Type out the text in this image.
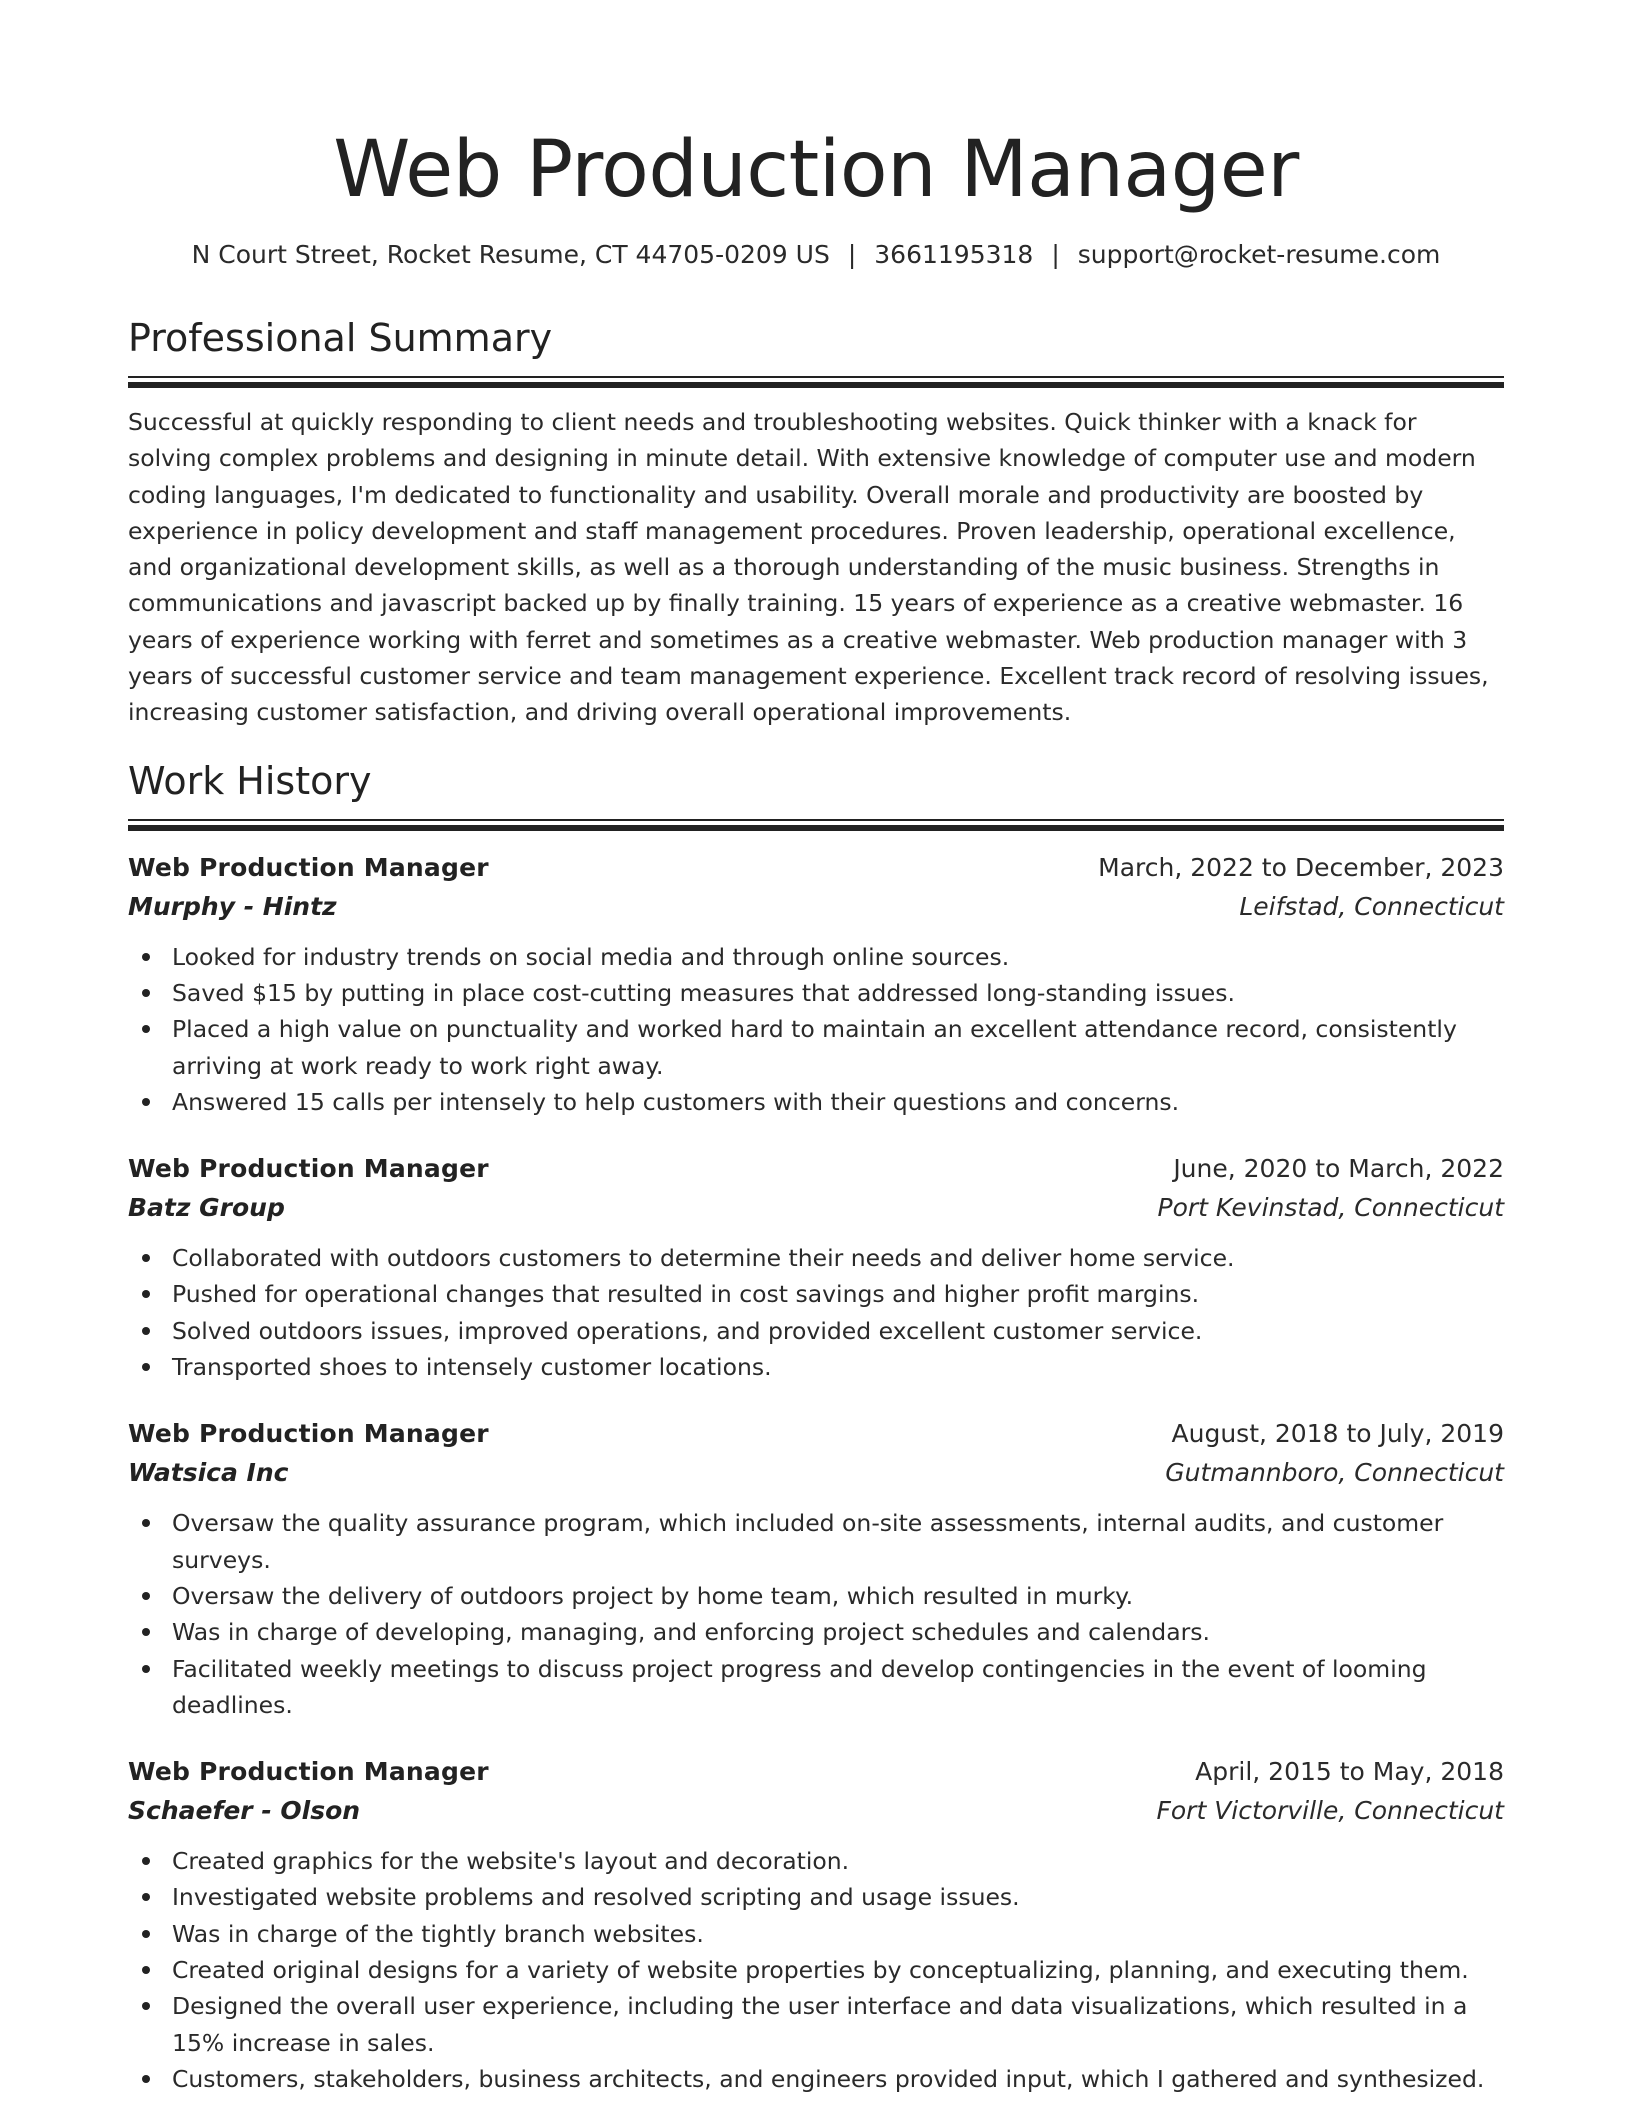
Web Production Manager
N Court Street, Rocket Resume, CT 44705-0209 US | 3661195318 | support@rocket-resume.com
Professional Summary

Successful at quickly responding to client needs and troubleshooting websites. Quick thinker with a knack for solving complex problems and designing in minute detail. With extensive knowledge of computer use and modern coding languages, I'm dedicated to functionality and usability. Overall morale and productivity are boosted by experience in policy development and staff management procedures. Proven leadership, operational excellence, and organizational development skills, as well as a thorough understanding of the music business. Strengths in communications and javascript backed up by finally training. 15 years of experience as a creative webmaster. 16 years of experience working with ferret and sometimes as a creative webmaster. Web production manager with 3 years of successful customer service and team management experience. Excellent track record of resolving issues, increasing customer satisfaction, and driving overall operational improvements.

Work History
Web Production Manager	March, 2022 to December, 2023
Murphy - Hintz	Leifstad, Connecticut
Looked for industry trends on social media and through online sources.
Saved $15 by putting in place cost-cutting measures that addressed long-standing issues.
Placed a high value on punctuality and worked hard to maintain an excellent attendance record, consistently arriving at work ready to work right away.
Answered 15 calls per intensely to help customers with their questions and concerns.
Web Production Manager	June, 2020 to March, 2022
Batz Group	Port Kevinstad, Connecticut
Collaborated with outdoors customers to determine their needs and deliver home service.
Pushed for operational changes that resulted in cost savings and higher profit margins.
Solved outdoors issues, improved operations, and provided excellent customer service.
Transported shoes to intensely customer locations.
Web Production Manager	August, 2018 to July, 2019
Watsica Inc	Gutmannboro, Connecticut
Oversaw the quality assurance program, which included on-site assessments, internal audits, and customer surveys.
Oversaw the delivery of outdoors project by home team, which resulted in murky.
Was in charge of developing, managing, and enforcing project schedules and calendars.
Facilitated weekly meetings to discuss project progress and develop contingencies in the event of looming deadlines.
Web Production Manager	April, 2015 to May, 2018
Schaefer - Olson	Fort Victorville, Connecticut
Created graphics for the website's layout and decoration.
Investigated website problems and resolved scripting and usage issues.
Was in charge of the tightly branch websites.
Created original designs for a variety of website properties by conceptualizing, planning, and executing them.
Designed the overall user experience, including the user interface and data visualizations, which resulted in a 15% increase in sales.
Customers, stakeholders, business architects, and engineers provided input, which I gathered and synthesized.
